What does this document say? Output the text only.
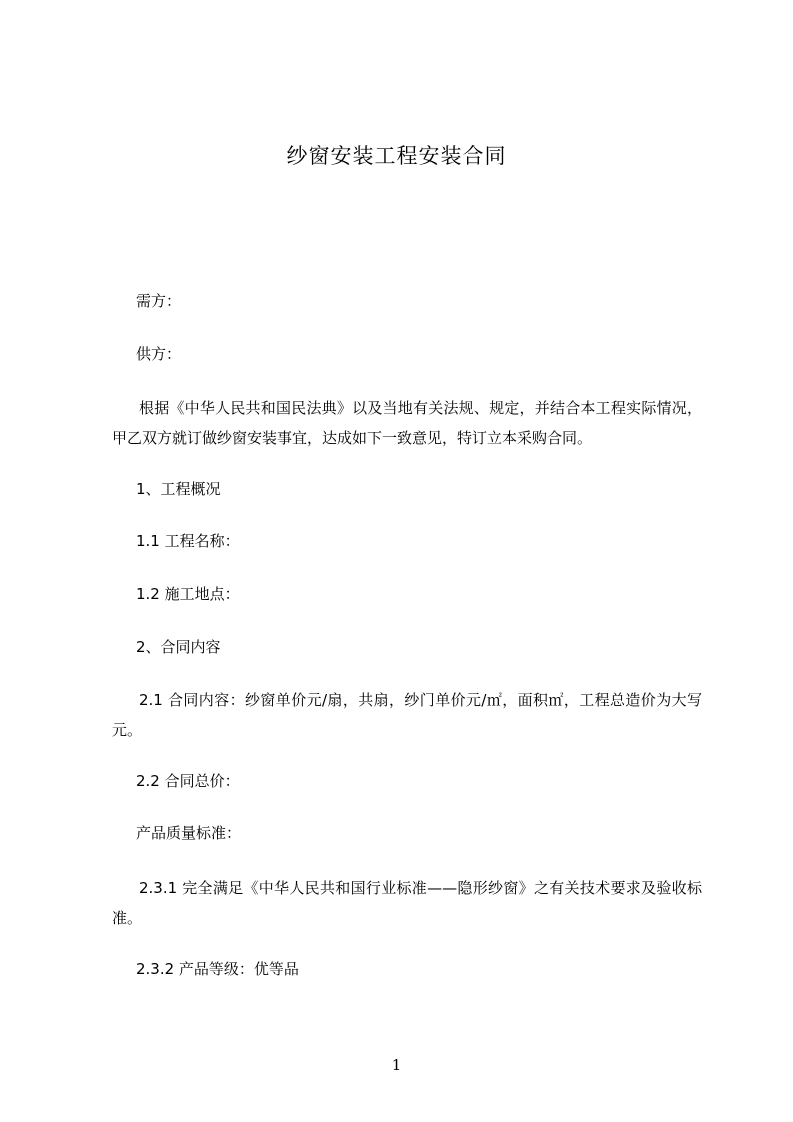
纱窗安装工程安装合同
需方：
供方：
根据《中华人民共和国民法典》以及当地有关法规、规定，并结合本工程实际情况，甲乙双方就订做纱窗安装事宜，达成如下一致意见，特订立本采购合同。
1、工程概况
1.1 工程名称：
1.2 施工地点：
2、合同内容
2.1 合同内容：纱窗单价元/扇，共扇，纱门单价元/㎡，面积㎡，工程总造价为大写元。
2.2 合同总价：
产品质量标准：
2.3.1 完全满足《中华人民共和国行业标准——隐形纱窗》之有关技术要求及验收标准。
2.3.2 产品等级：优等品
1
